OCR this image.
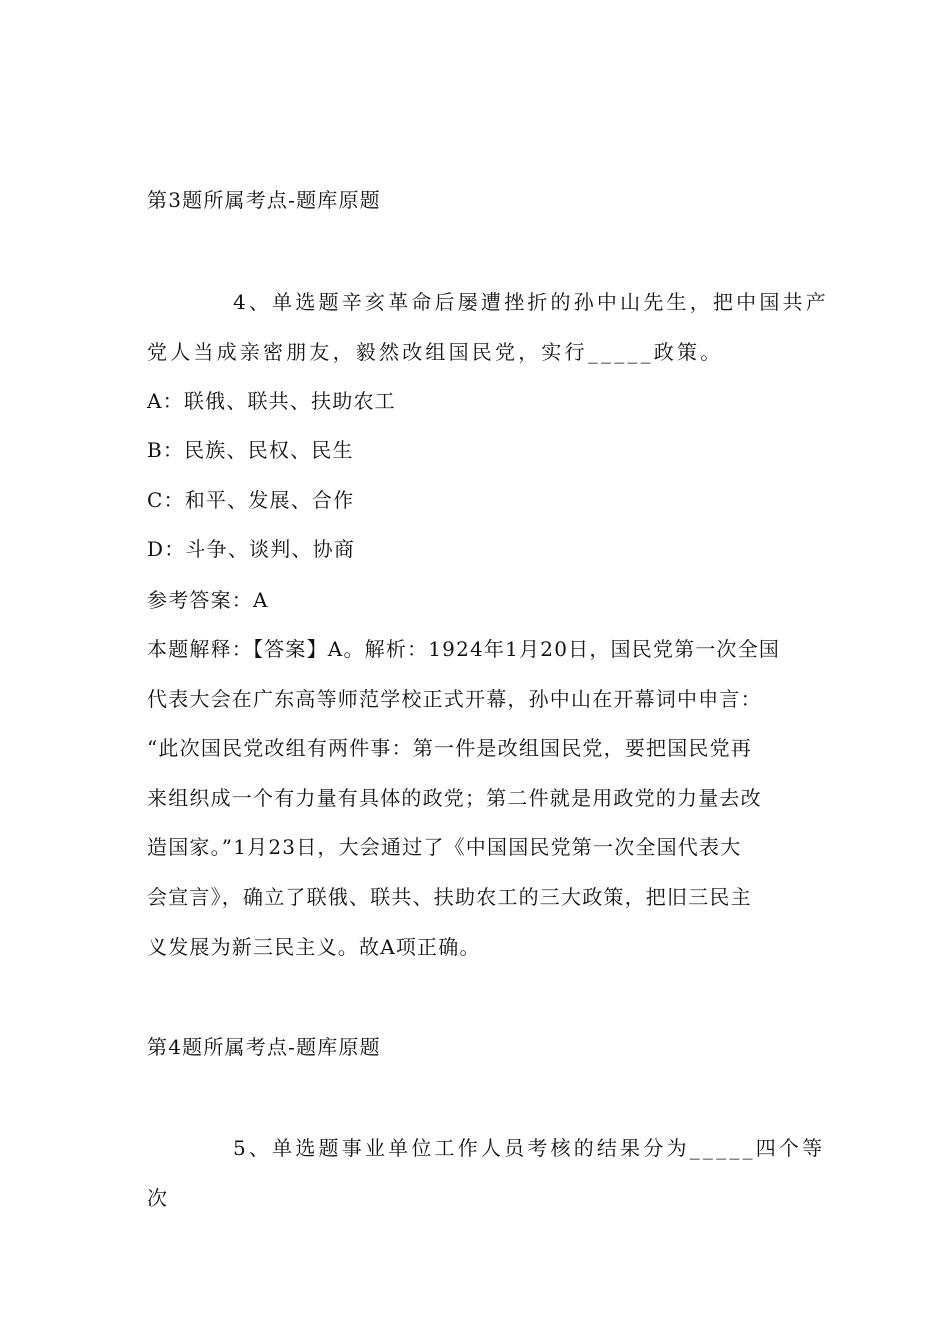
第3题所属考点-题库原题
4、单选题辛亥革命后屡遭挫折的孙中山先生，把中国共产
党人当成亲密朋友，毅然改组国民党，实行_____政策。
A：联俄、联共、扶助农工
B：民族、民权、民生
C：和平、发展、合作
D：斗争、谈判、协商
参考答案：A
本题解释：【答案】A。解析：1924年1月20日，国民党第一次全国
代表大会在广东高等师范学校正式开幕，孙中山在开幕词中申言：
“此次国民党改组有两件事：第一件是改组国民党，要把国民党再
来组织成一个有力量有具体的政党；第二件就是用政党的力量去改
造国家。”1月23日，大会通过了《中国国民党第一次全国代表大
会宣言》，确立了联俄、联共、扶助农工的三大政策，把旧三民主
义发展为新三民主义。故A项正确。
第4题所属考点-题库原题
5、单选题事业单位工作人员考核的结果分为_____四个等
次
